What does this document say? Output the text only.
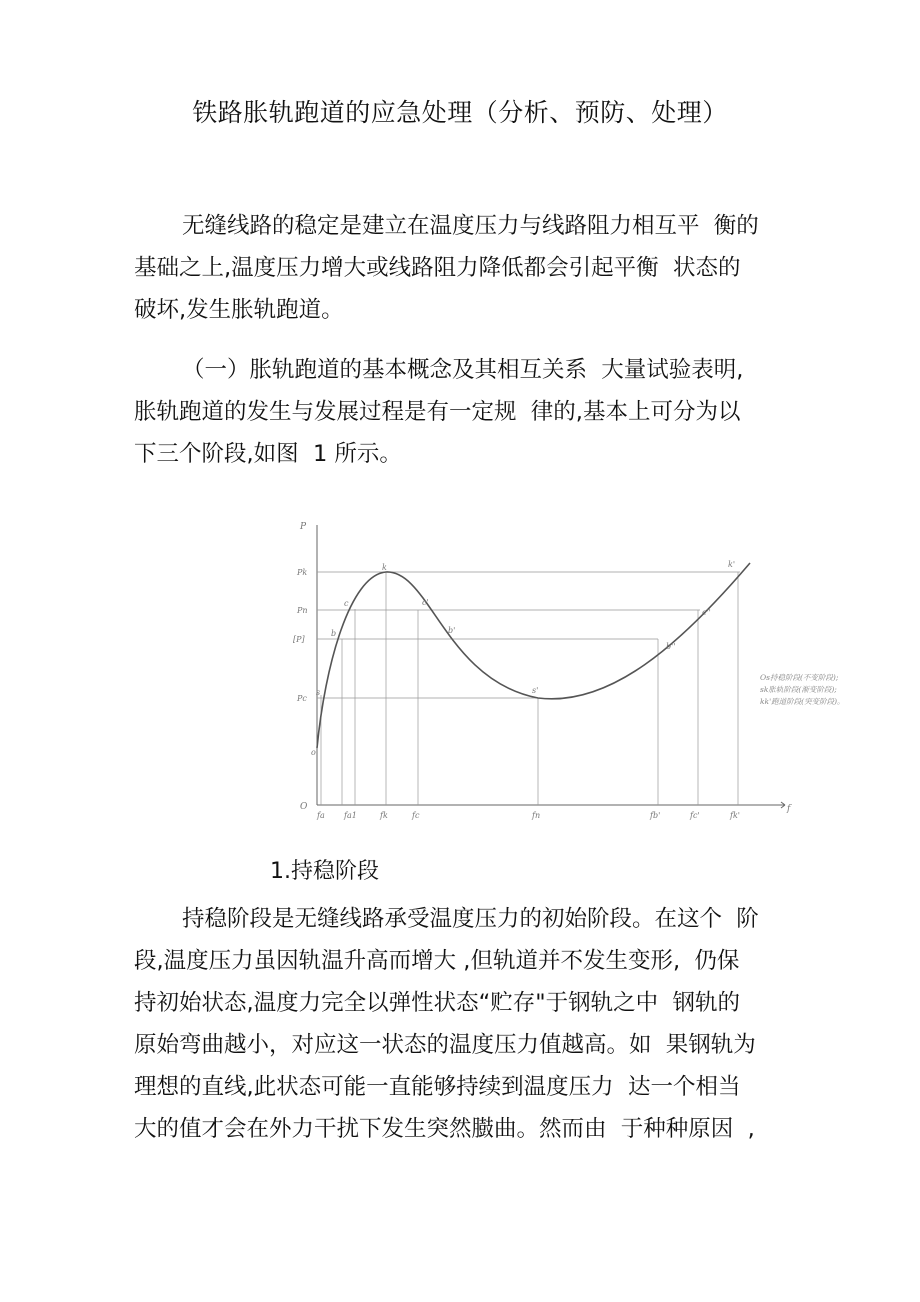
铁路胀轨跑道的应急处理（分析、预防、处理）
无缝线路的稳定是建立在温度压力与线路阻力相互平  衡的
基础之上,温度压力增大或线路阻力降低都会引起平衡  状态的
破坏,发生胀轨跑道。
（一）胀轨跑道的基本概念及其相互关系  大量试验表明,
胀轨跑道的发生与发展过程是有一定规  律的,基本上可分为以
下三个阶段,如图  1 所示。
P
f
O
Pk
Pn
[P]
Pc
fa fa1	fk	fc	fn	fb'	fc'	fk'
o
s
b
c
k
c'
b'
s'
b''
c''
k'
Os持稳阶段(不变阶段);
sk胀轨阶段(渐变阶段);
kk'跑道阶段(突变阶段)。
1.持稳阶段
持稳阶段是无缝线路承受温度压力的初始阶段。在这个  阶
段,温度压力虽因轨温升高而增大 ,但轨道并不发生变形,  仍保
持初始状态,温度力完全以弹性状态“贮存"于钢轨之中  钢轨的
原始弯曲越小，对应这一状态的温度压力值越高。如  果钢轨为
理想的直线,此状态可能一直能够持续到温度压力  达一个相当
大的值才会在外力干扰下发生突然臌曲。然而由  于种种原因  ,
